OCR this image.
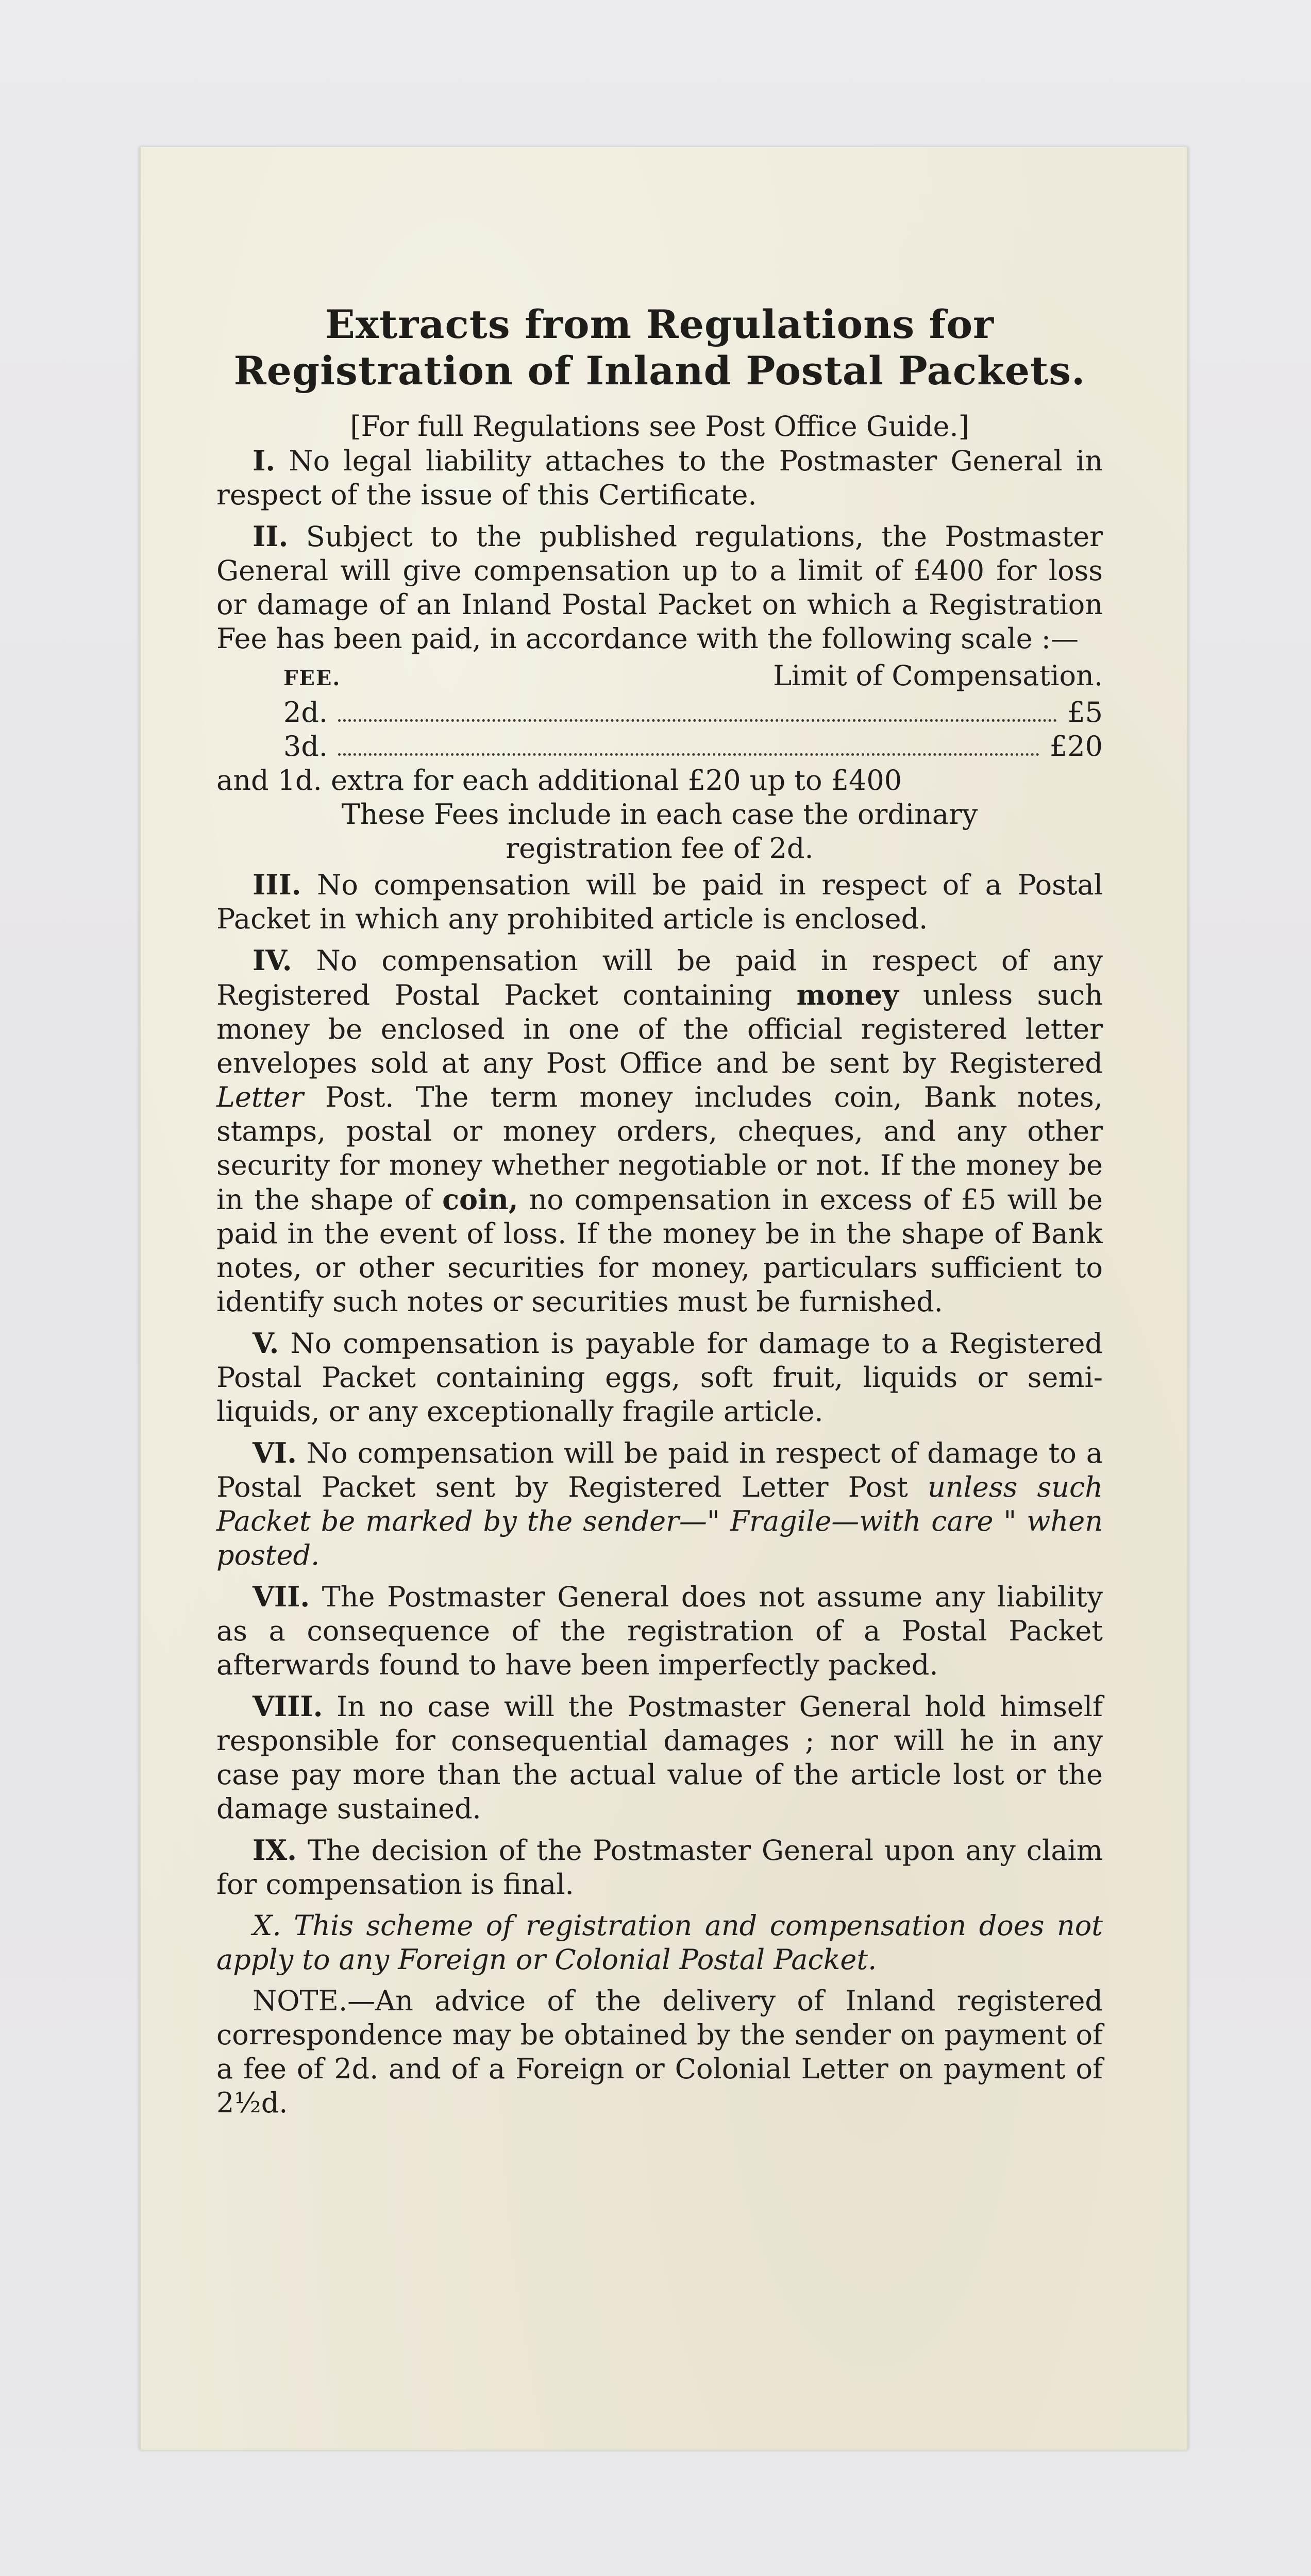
Extracts from Regulations for
Registration of Inland Postal Packets.
[For full Regulations see Post Office Guide.]

I. No legal liability attaches to the Postmaster General in respect of the issue of this Certificate.

II. Subject to the published regulations, the Postmaster General will give compensation up to a limit of £400 for loss or damage of an Inland Postal Packet on which a Registration Fee has been paid, in accordance with the following scale :—

FEE.	Limit of Compensation.
2d.	£5
3d.	£20
and 1d. extra for each additional £20 up to £400
These Fees include in each case the ordinary
registration fee of 2d.

III. No compensation will be paid in respect of a Postal Packet in which any prohibited article is enclosed.

IV. No compensation will be paid in respect of any Registered Postal Packet containing money unless such money be enclosed in one of the official registered letter envelopes sold at any Post Office and be sent by Registered Letter Post. The term money includes coin, Bank notes, stamps, postal or money orders, cheques, and any other security for money whether negotiable or not. If the money be in the shape of coin, no compensation in excess of £5 will be paid in the event of loss. If the money be in the shape of Bank notes, or other securities for money, particulars sufficient to identify such notes or securities must be furnished.

V. No compensation is payable for damage to a Registered Postal Packet containing eggs, soft fruit, liquids or semi-liquids, or any exceptionally fragile article.

VI. No compensation will be paid in respect of damage to a Postal Packet sent by Registered Letter Post unless such Packet be marked by the sender—" Fragile—with care " when posted.

VII. The Postmaster General does not assume any liability as a consequence of the registration of a Postal Packet afterwards found to have been imperfectly packed.

VIII. In no case will the Postmaster General hold himself responsible for consequential damages ; nor will he in any case pay more than the actual value of the article lost or the damage sustained.

IX. The decision of the Postmaster General upon any claim for compensation is final.

X. This scheme of registration and compensation does not apply to any Foreign or Colonial Postal Packet.

NOTE.—An advice of the delivery of Inland registered correspondence may be obtained by the sender on payment of a fee of 2d. and of a Foreign or Colonial Letter on payment of 2½d.
